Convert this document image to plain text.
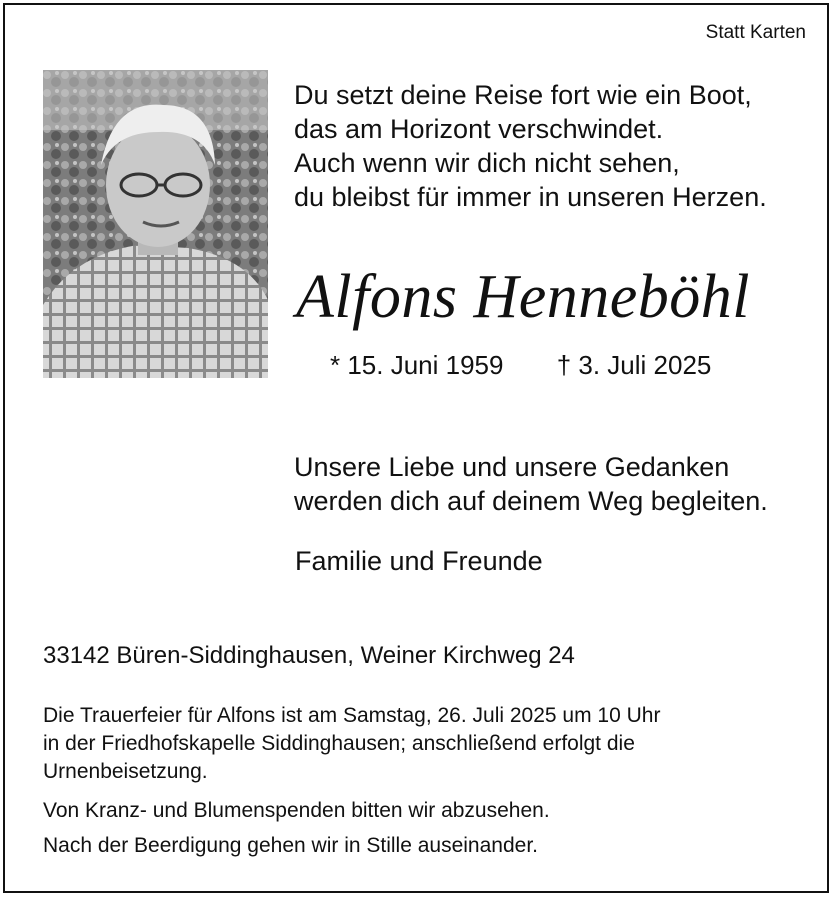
Statt Karten
Du setzt deine Reise fort wie ein Boot,
das am Horizont verschwindet.
Auch wenn wir dich nicht sehen,
du bleibst für immer in unseren Herzen.
Alfons Henneböhl
* 15. Juni 1959 † 3. Juli 2025
Unsere Liebe und unsere Gedanken
werden dich auf deinem Weg begleiten.
Familie und Freunde
33142 Büren-Siddinghausen, Weiner Kirchweg 24
Die Trauerfeier für Alfons ist am Samstag, 26. Juli 2025 um 10 Uhr
in der Friedhofskapelle Siddinghausen; anschließend erfolgt die
Urnenbeisetzung.
Von Kranz- und Blumenspenden bitten wir abzusehen.
Nach der Beerdigung gehen wir in Stille auseinander.
